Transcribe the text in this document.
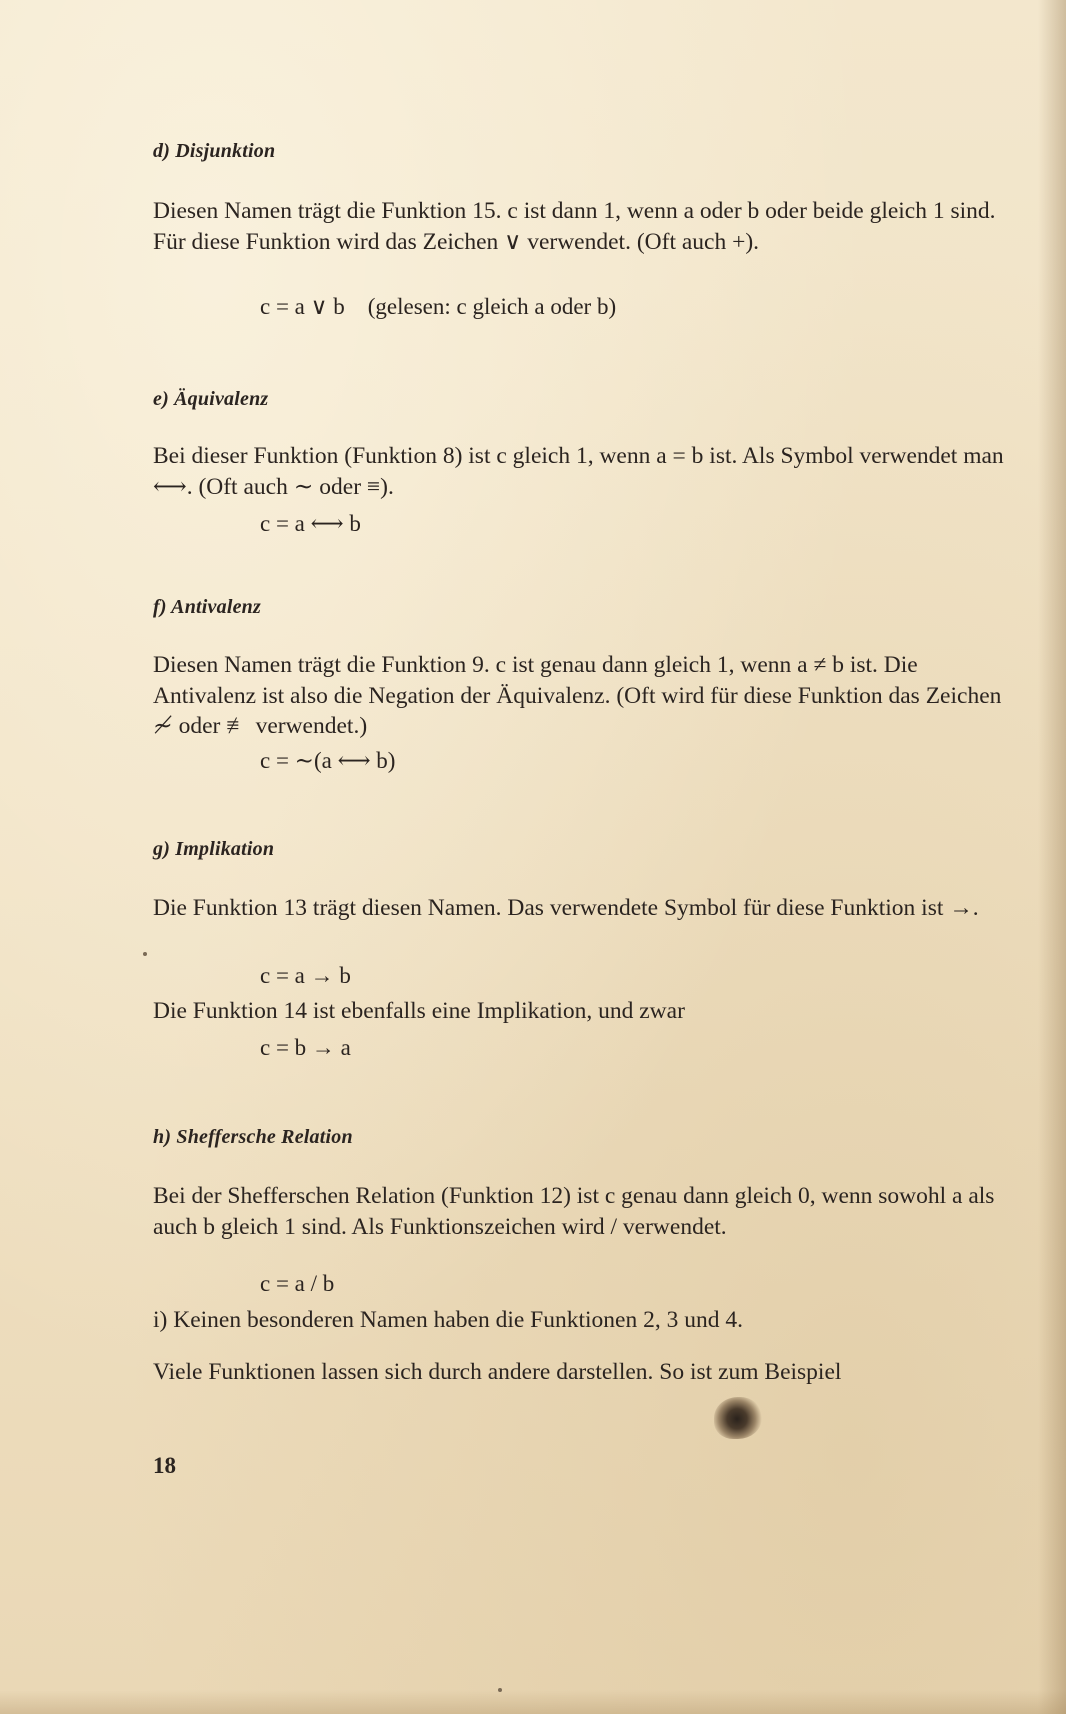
d) Disjunktion
Diesen Namen trägt die Funktion 15. c ist dann 1, wenn a oder b oder beide gleich 1 sind. Für diese Funktion wird das Zeichen ∨ verwendet. (Oft auch +).
c = a ∨ b    (gelesen: c gleich a oder b)
e) Äquivalenz
Bei dieser Funktion (Funktion 8) ist c gleich 1, wenn a = b ist. Als Symbol verwendet man ⟷. (Oft auch ∼ oder ≡).
c = a ⟷ b
f) Antivalenz
Diesen Namen trägt die Funktion 9. c ist genau dann gleich 1, wenn a ≠ b ist. Die Antivalenz ist also die Negation der Äquivalenz. (Oft wird für diese Funktion das Zeichen ≁ oder ≢ verwendet.)
c = ∼(a ⟷ b)
g) Implikation
Die Funktion 13 trägt diesen Namen. Das verwendete Symbol für diese Funktion ist →.
c = a → b
Die Funktion 14 ist ebenfalls eine Implikation, und zwar
c = b → a
h) Sheffersche Relation
Bei der Shefferschen Relation (Funktion 12) ist c genau dann gleich 0, wenn sowohl a als auch b gleich 1 sind. Als Funktionszeichen wird / verwendet.
c = a / b
i) Keinen besonderen Namen haben die Funktionen 2, 3 und 4.
Viele Funktionen lassen sich durch andere darstellen. So ist zum Beispiel
18
